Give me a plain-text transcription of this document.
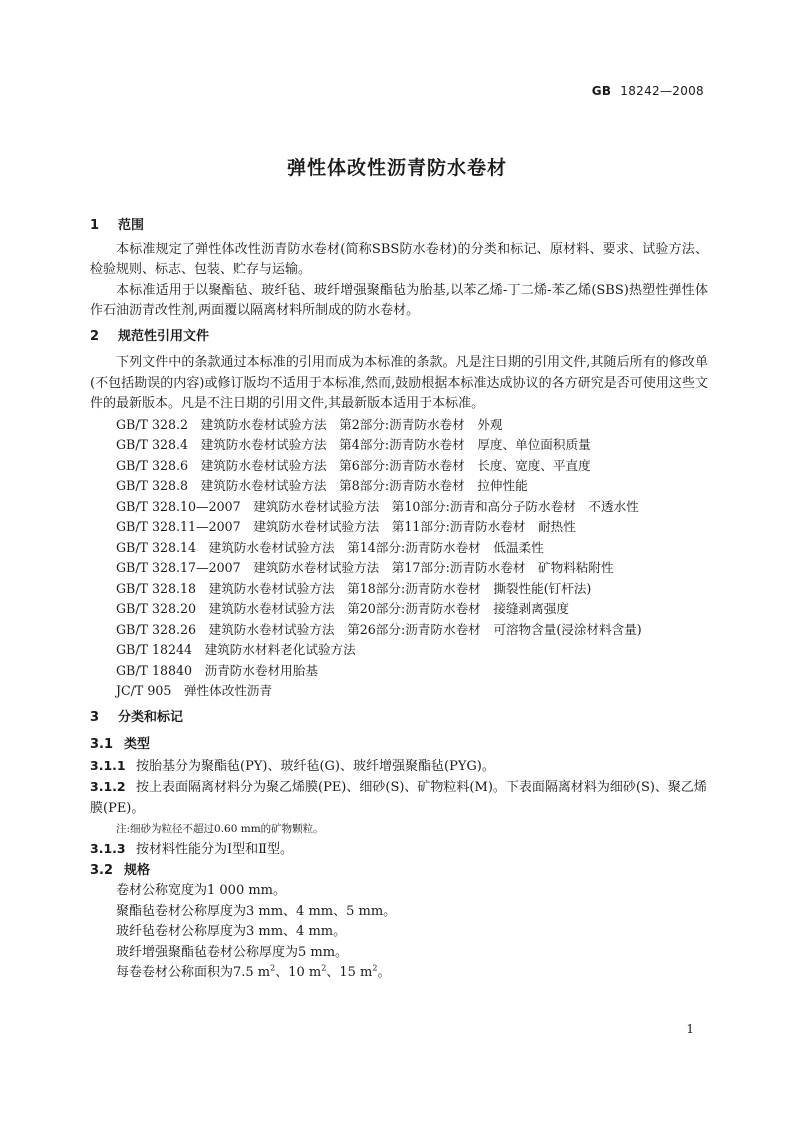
GB 18242—2008
弹性体改性沥青防水卷材
1 范围

本标准规定了弹性体改性沥青防水卷材(简称SBS防水卷材)的分类和标记、原材料、要求、试验方法、检验规则、标志、包装、贮存与运输。

本标准适用于以聚酯毡、玻纤毡、玻纤增强聚酯毡为胎基,以苯乙烯-丁二烯-苯乙烯(SBS)热塑性弹性体作石油沥青改性剂,两面覆以隔离材料所制成的防水卷材。

2 规范性引用文件

下列文件中的条款通过本标准的引用而成为本标准的条款。凡是注日期的引用文件,其随后所有的修改单(不包括勘误的内容)或修订版均不适用于本标准,然而,鼓励根据本标准达成协议的各方研究是否可使用这些文件的最新版本。凡是不注日期的引用文件,其最新版本适用于本标准。

GB/T 328.2　建筑防水卷材试验方法　第2部分:沥青防水卷材　外观
GB/T 328.4　建筑防水卷材试验方法　第4部分:沥青防水卷材　厚度、单位面积质量
GB/T 328.6　建筑防水卷材试验方法　第6部分:沥青防水卷材　长度、宽度、平直度
GB/T 328.8　建筑防水卷材试验方法　第8部分:沥青防水卷材　拉伸性能
GB/T 328.10—2007　建筑防水卷材试验方法　第10部分:沥青和高分子防水卷材　不透水性
GB/T 328.11—2007　建筑防水卷材试验方法　第11部分:沥青防水卷材　耐热性
GB/T 328.14　建筑防水卷材试验方法　第14部分:沥青防水卷材　低温柔性
GB/T 328.17—2007　建筑防水卷材试验方法　第17部分:沥青防水卷材　矿物料粘附性
GB/T 328.18　建筑防水卷材试验方法　第18部分:沥青防水卷材　撕裂性能(钉杆法)
GB/T 328.20　建筑防水卷材试验方法　第20部分:沥青防水卷材　接缝剥离强度
GB/T 328.26　建筑防水卷材试验方法　第26部分:沥青防水卷材　可溶物含量(浸涂材料含量)
GB/T 18244　建筑防水材料老化试验方法
GB/T 18840　沥青防水卷材用胎基
JC/T 905　弹性体改性沥青
3 分类和标记
3.1 类型

3.1.1 按胎基分为聚酯毡(PY)、玻纤毡(G)、玻纤增强聚酯毡(PYG)。

3.1.2 按上表面隔离材料分为聚乙烯膜(PE)、细砂(S)、矿物粒料(M)。下表面隔离材料为细砂(S)、聚乙烯膜(PE)。

注:细砂为粒径不超过0.60 mm的矿物颗粒。

3.1.3 按材料性能分为Ⅰ型和Ⅱ型。

3.2 规格

卷材公称宽度为1 000 mm。

聚酯毡卷材公称厚度为3 mm、4 mm、5 mm。

玻纤毡卷材公称厚度为3 mm、4 mm。

玻纤增强聚酯毡卷材公称厚度为5 mm。

每卷卷材公称面积为7.5 $m^2$、10 $m^2$、15 $m^2$。

1
